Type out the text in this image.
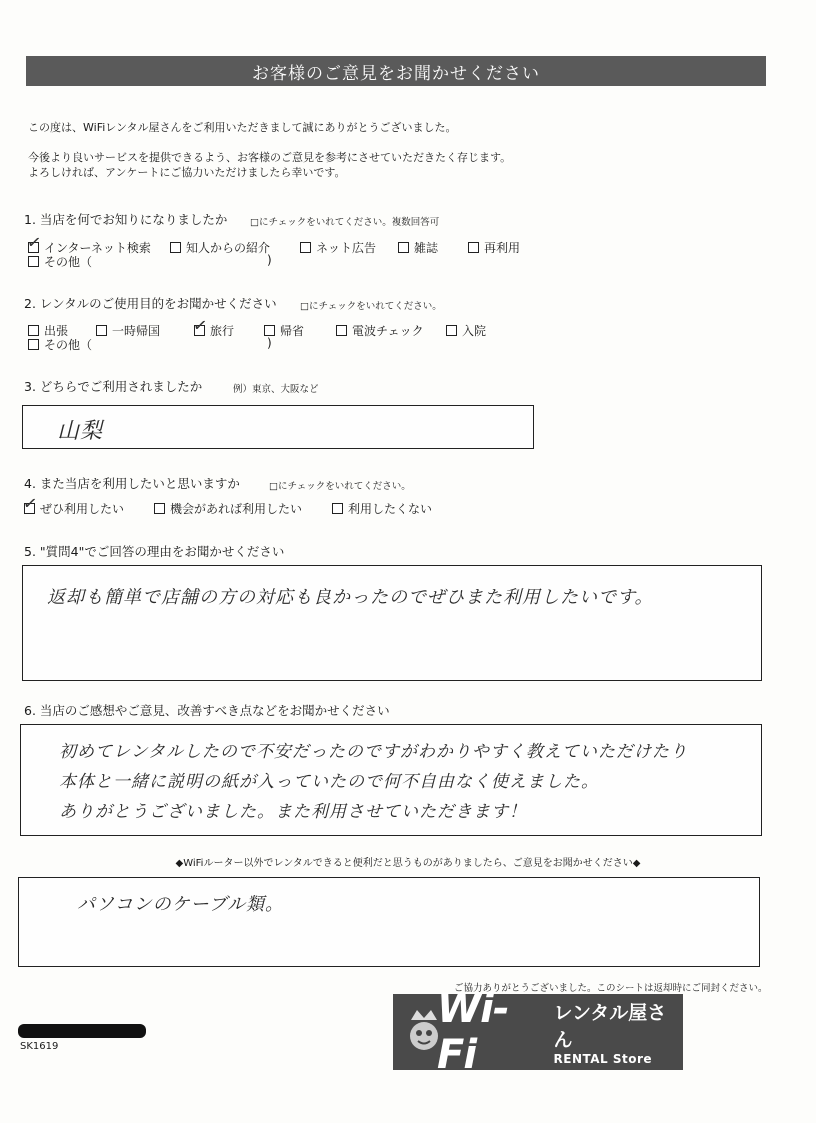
お客様のご意見をお聞かせください
この度は、WiFiレンタル屋さんをご利用いただきまして誠にありがとうございました。
今後より良いサービスを提供できるよう、お客様のご意見を参考にさせていただきたく存じます。
よろしければ、アンケートにご協力いただけましたら幸いです。
1. 当店を何でお知りになりましたか □にチェックをいれてください。複数回答可
✓ インターネット検索	知人からの紹介	ネット広告	雑誌	再利用
その他（	)
2. レンタルのご使用目的をお聞かせください □にチェックをいれてください。
出張	一時帰国 ✓ 旅行	帰省	電波チェック	入院
その他（	)
3. どちらでご利用されましたか	例）東京、大阪など
山梨
4. また当店を利用したいと思いますか	□にチェックをいれてください。
✓ ぜひ利用したい	機会があれば利用したい	利用したくない
5. "質問4"でご回答の理由をお聞かせください
返却も簡単で店舗の方の対応も良かったのでぜひまた利用したいです。
6. 当店のご感想やご意見、改善すべき点などをお聞かせください
初めてレンタルしたので不安だったのですがわかりやすく教えていただけたり
本体と一緒に説明の紙が入っていたので何不自由なく使えました。
ありがとうございました。また利用させていただきます！
◆WiFiルーター以外でレンタルできると便利だと思うものがありましたら、ご意見をお聞かせください◆
パソコンのケーブル類。
ご協力ありがとうございました。このシートは返却時にご同封ください。
SK1619
Wi-Fi
レンタル屋さん
RENTAL Store
